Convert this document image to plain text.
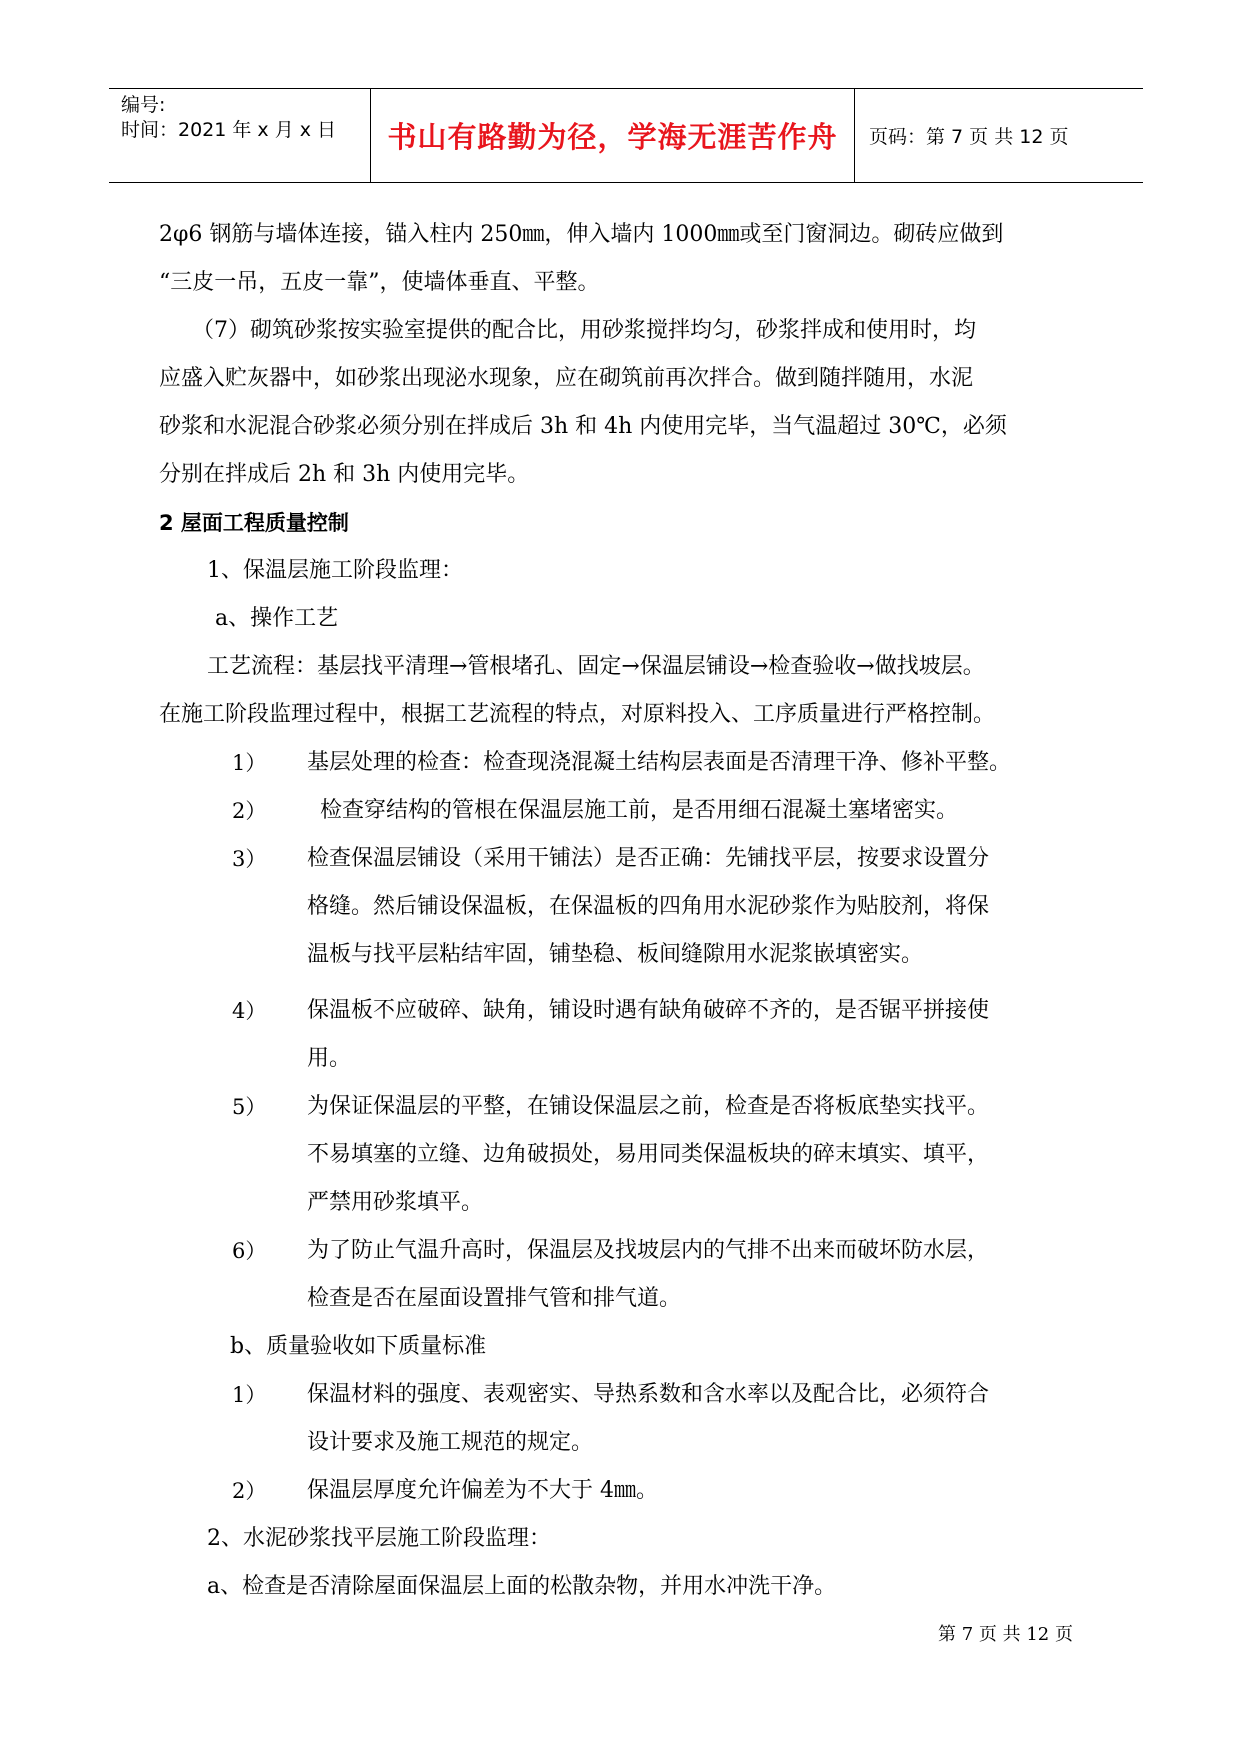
编号:
时间：2021 年 x 月 x 日	书山有路勤为径，学海无涯苦作舟	页码：第 7 页 共 12 页
2φ6 钢筋与墙体连接，锚入柱内 250㎜，伸入墙内 1000㎜或至门窗洞边。砌砖应做到
“三皮一吊，五皮一靠”，使墙体垂直、平整。
（7）砌筑砂浆按实验室提供的配合比，用砂浆搅拌均匀，砂浆拌成和使用时，均
应盛入贮灰器中，如砂浆出现泌水现象，应在砌筑前再次拌合。做到随拌随用，水泥
砂浆和水泥混合砂浆必须分别在拌成后 3h 和 4h 内使用完毕，当气温超过 30℃，必须
分别在拌成后 2h 和 3h 内使用完毕。
2 屋面工程质量控制
1、保温层施工阶段监理：
a、操作工艺
工艺流程：基层找平清理→管根堵孔、固定→保温层铺设→检查验收→做找坡层。
在施工阶段监理过程中，根据工艺流程的特点，对原料投入、工序质量进行严格控制。
1） 基层处理的检查：检查现浇混凝土结构层表面是否清理干净、修补平整。
2） 检查穿结构的管根在保温层施工前，是否用细石混凝土塞堵密实。
3） 检查保温层铺设（采用干铺法）是否正确：先铺找平层，按要求设置分
格缝。然后铺设保温板，在保温板的四角用水泥砂浆作为贴胶剂，将保
温板与找平层粘结牢固，铺垫稳、板间缝隙用水泥浆嵌填密实。
4） 保温板不应破碎、缺角，铺设时遇有缺角破碎不齐的，是否锯平拼接使
用。
5） 为保证保温层的平整，在铺设保温层之前，检查是否将板底垫实找平。
不易填塞的立缝、边角破损处，易用同类保温板块的碎末填实、填平，
严禁用砂浆填平。
6） 为了防止气温升高时，保温层及找坡层内的气排不出来而破坏防水层，
检查是否在屋面设置排气管和排气道。
b、质量验收如下质量标准
1） 保温材料的强度、表观密实、导热系数和含水率以及配合比，必须符合
设计要求及施工规范的规定。
2） 保温层厚度允许偏差为不大于 4㎜。
2、水泥砂浆找平层施工阶段监理：
a、检查是否清除屋面保温层上面的松散杂物，并用水冲洗干净。
第 7 页 共 12 页
